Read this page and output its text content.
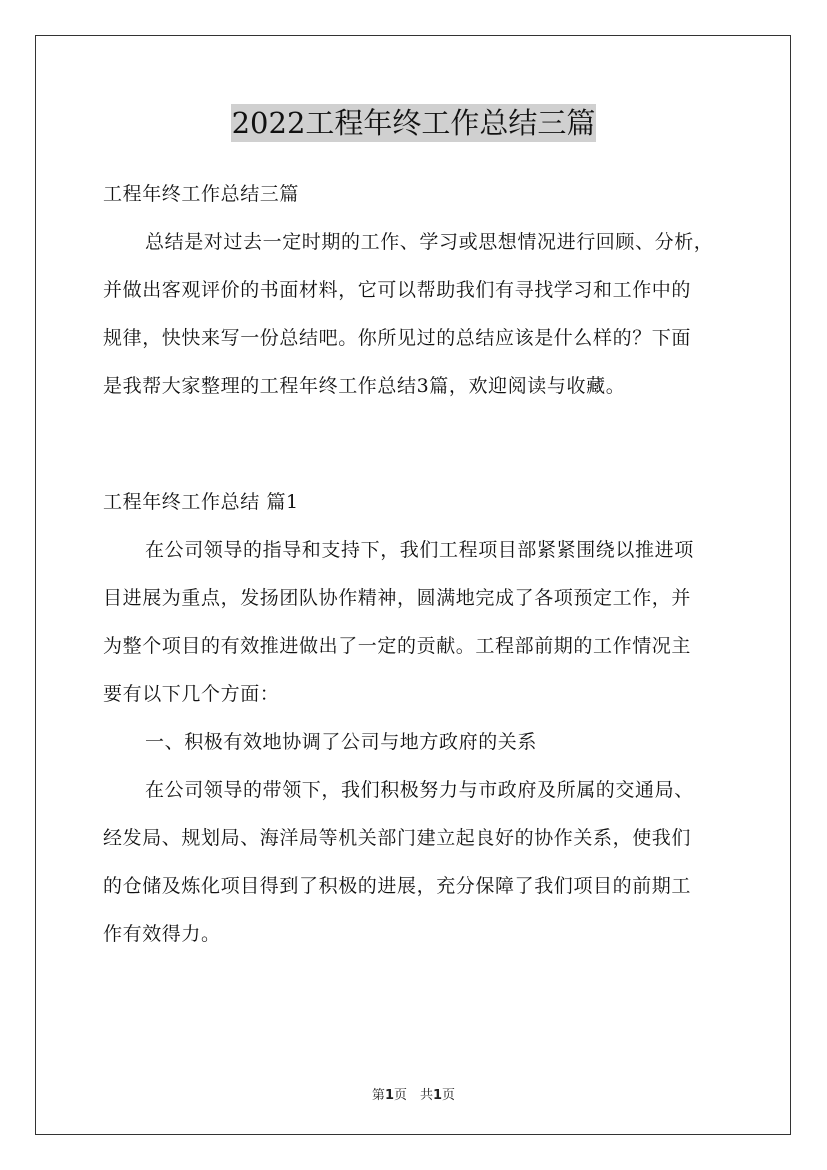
2022工程年终工作总结三篇
工程年终工作总结三篇
总结是对过去一定时期的工作、学习或思想情况进行回顾、分析，
并做出客观评价的书面材料，它可以帮助我们有寻找学习和工作中的
规律，快快来写一份总结吧。你所见过的总结应该是什么样的？下面
是我帮大家整理的工程年终工作总结3篇，欢迎阅读与收藏。
工程年终工作总结 篇1
在公司领导的指导和支持下，我们工程项目部紧紧围绕以推进项
目进展为重点，发扬团队协作精神，圆满地完成了各项预定工作，并
为整个项目的有效推进做出了一定的贡献。工程部前期的工作情况主
要有以下几个方面：
一、积极有效地协调了公司与地方政府的关系
在公司领导的带领下，我们积极努力与市政府及所属的交通局、
经发局、规划局、海洋局等机关部门建立起良好的协作关系，使我们
的仓储及炼化项目得到了积极的进展，充分保障了我们项目的前期工
作有效得力。
第1页　共1页
